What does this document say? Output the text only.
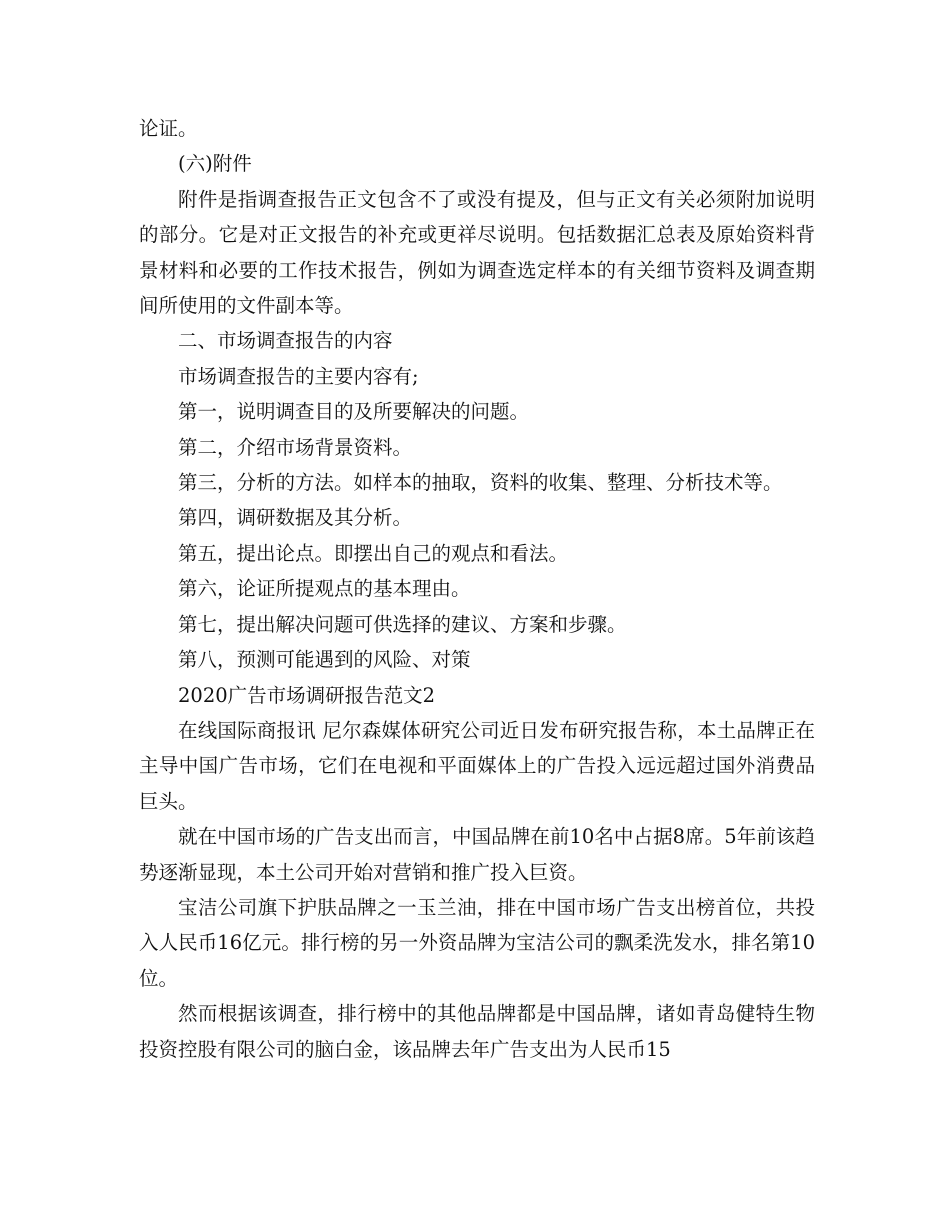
论证。

(六)附件

附件是指调查报告正文包含不了或没有提及，但与正文有关必须附加说明的部分。它是对正文报告的补充或更祥尽说明。包括数据汇总表及原始资料背景材料和必要的工作技术报告，例如为调查选定样本的有关细节资料及调查期间所使用的文件副本等。

二、市场调查报告的内容

市场调查报告的主要内容有;

第一，说明调查目的及所要解决的问题。

第二，介绍市场背景资料。

第三，分析的方法。如样本的抽取，资料的收集、整理、分析技术等。

第四，调研数据及其分析。

第五，提出论点。即摆出自己的观点和看法。

第六，论证所提观点的基本理由。

第七，提出解决问题可供选择的建议、方案和步骤。

第八，预测可能遇到的风险、对策

2020广告市场调研报告范文2

在线国际商报讯 尼尔森媒体研究公司近日发布研究报告称，本土品牌正在主导中国广告市场，它们在电视和平面媒体上的广告投入远远超过国外消费品巨头。

就在中国市场的广告支出而言，中国品牌在前10名中占据8席。5年前该趋势逐渐显现，本土公司开始对营销和推广投入巨资。

宝洁公司旗下护肤品牌之一玉兰油，排在中国市场广告支出榜首位，共投入人民币16亿元。排行榜的另一外资品牌为宝洁公司的飘柔洗发水，排名第10位。

然而根据该调查，排行榜中的其他品牌都是中国品牌，诸如青岛健特生物投资控股有限公司的脑白金，该品牌去年广告支出为人民币15
